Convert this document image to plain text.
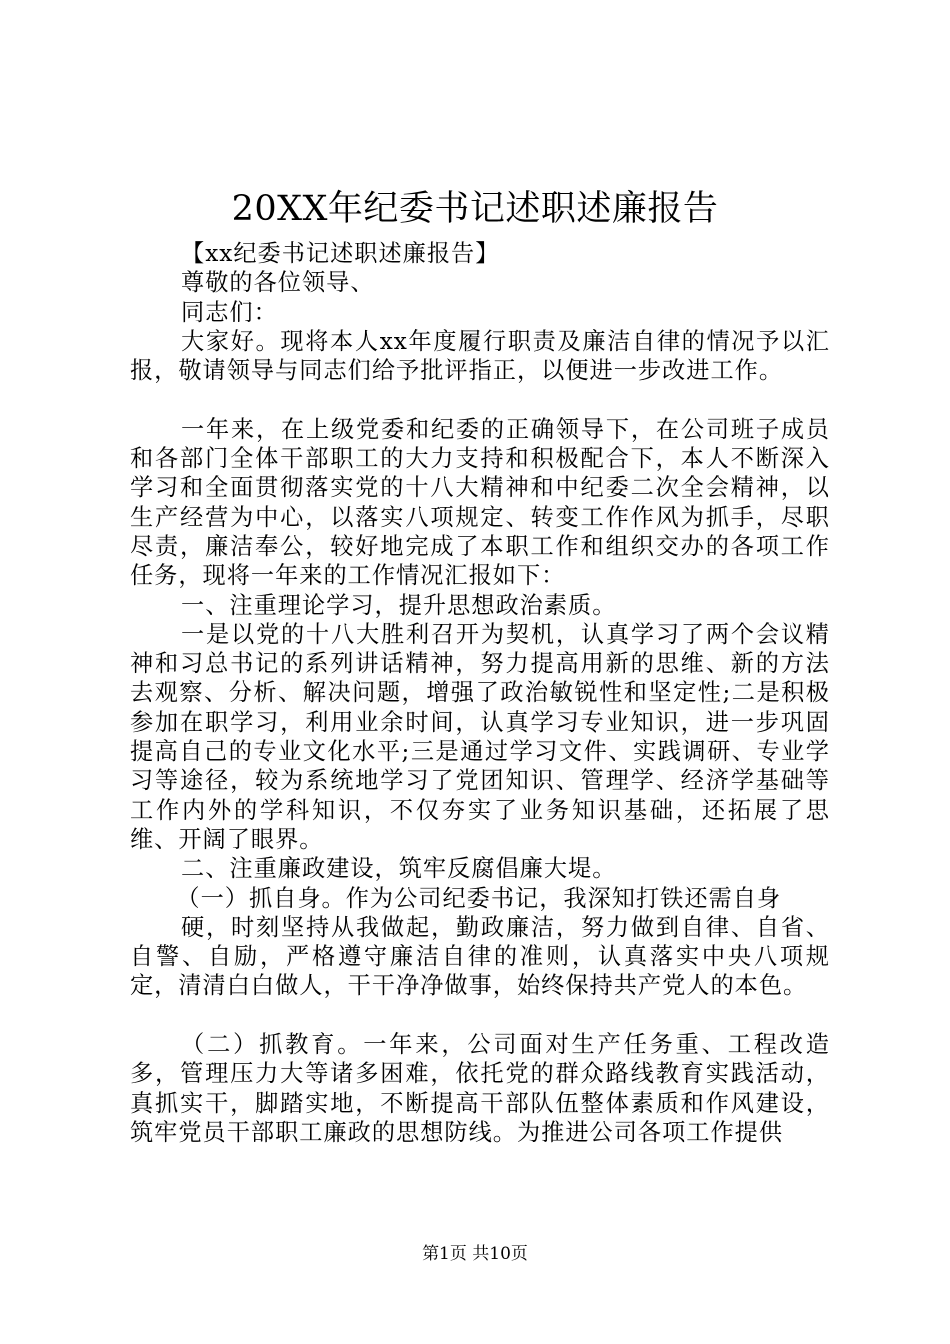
20XX年纪委书记述职述廉报告

【xx纪委书记述职述廉报告】

尊敬的各位领导、

同志们：

大家好。现将本人xx年度履行职责及廉洁自律的情况予以汇报，敬请领导与同志们给予批评指正，以便进一步改进工作。

一年来，在上级党委和纪委的正确领导下，在公司班子成员和各部门全体干部职工的大力支持和积极配合下，本人不断深入学习和全面贯彻落实党的十八大精神和中纪委二次全会精神，以生产经营为中心，以落实八项规定、转变工作作风为抓手，尽职尽责，廉洁奉公，较好地完成了本职工作和组织交办的各项工作任务，现将一年来的工作情况汇报如下：

一、注重理论学习，提升思想政治素质。

一是以党的十八大胜利召开为契机，认真学习了两个会议精神和习总书记的系列讲话精神，努力提高用新的思维、新的方法去观察、分析、解决问题，增强了政治敏锐性和坚定性;二是积极参加在职学习，利用业余时间，认真学习专业知识，进一步巩固提高自己的专业文化水平;三是通过学习文件、实践调研、专业学习等途径，较为系统地学习了党团知识、管理学、经济学基础等工作内外的学科知识，不仅夯实了业务知识基础，还拓展了思维、开阔了眼界。

二、注重廉政建设，筑牢反腐倡廉大堤。

（一）抓自身。作为公司纪委书记，我深知打铁还需自身

硬，时刻坚持从我做起，勤政廉洁，努力做到自律、自省、自警、自励，严格遵守廉洁自律的准则，认真落实中央八项规定，清清白白做人，干干净净做事，始终保持共产党人的本色。

（二）抓教育。一年来，公司面对生产任务重、工程改造多，管理压力大等诸多困难，依托党的群众路线教育实践活动，真抓实干，脚踏实地，不断提高干部队伍整体素质和作风建设，筑牢党员干部职工廉政的思想防线。为推进公司各项工作提供

第1页 共10页
